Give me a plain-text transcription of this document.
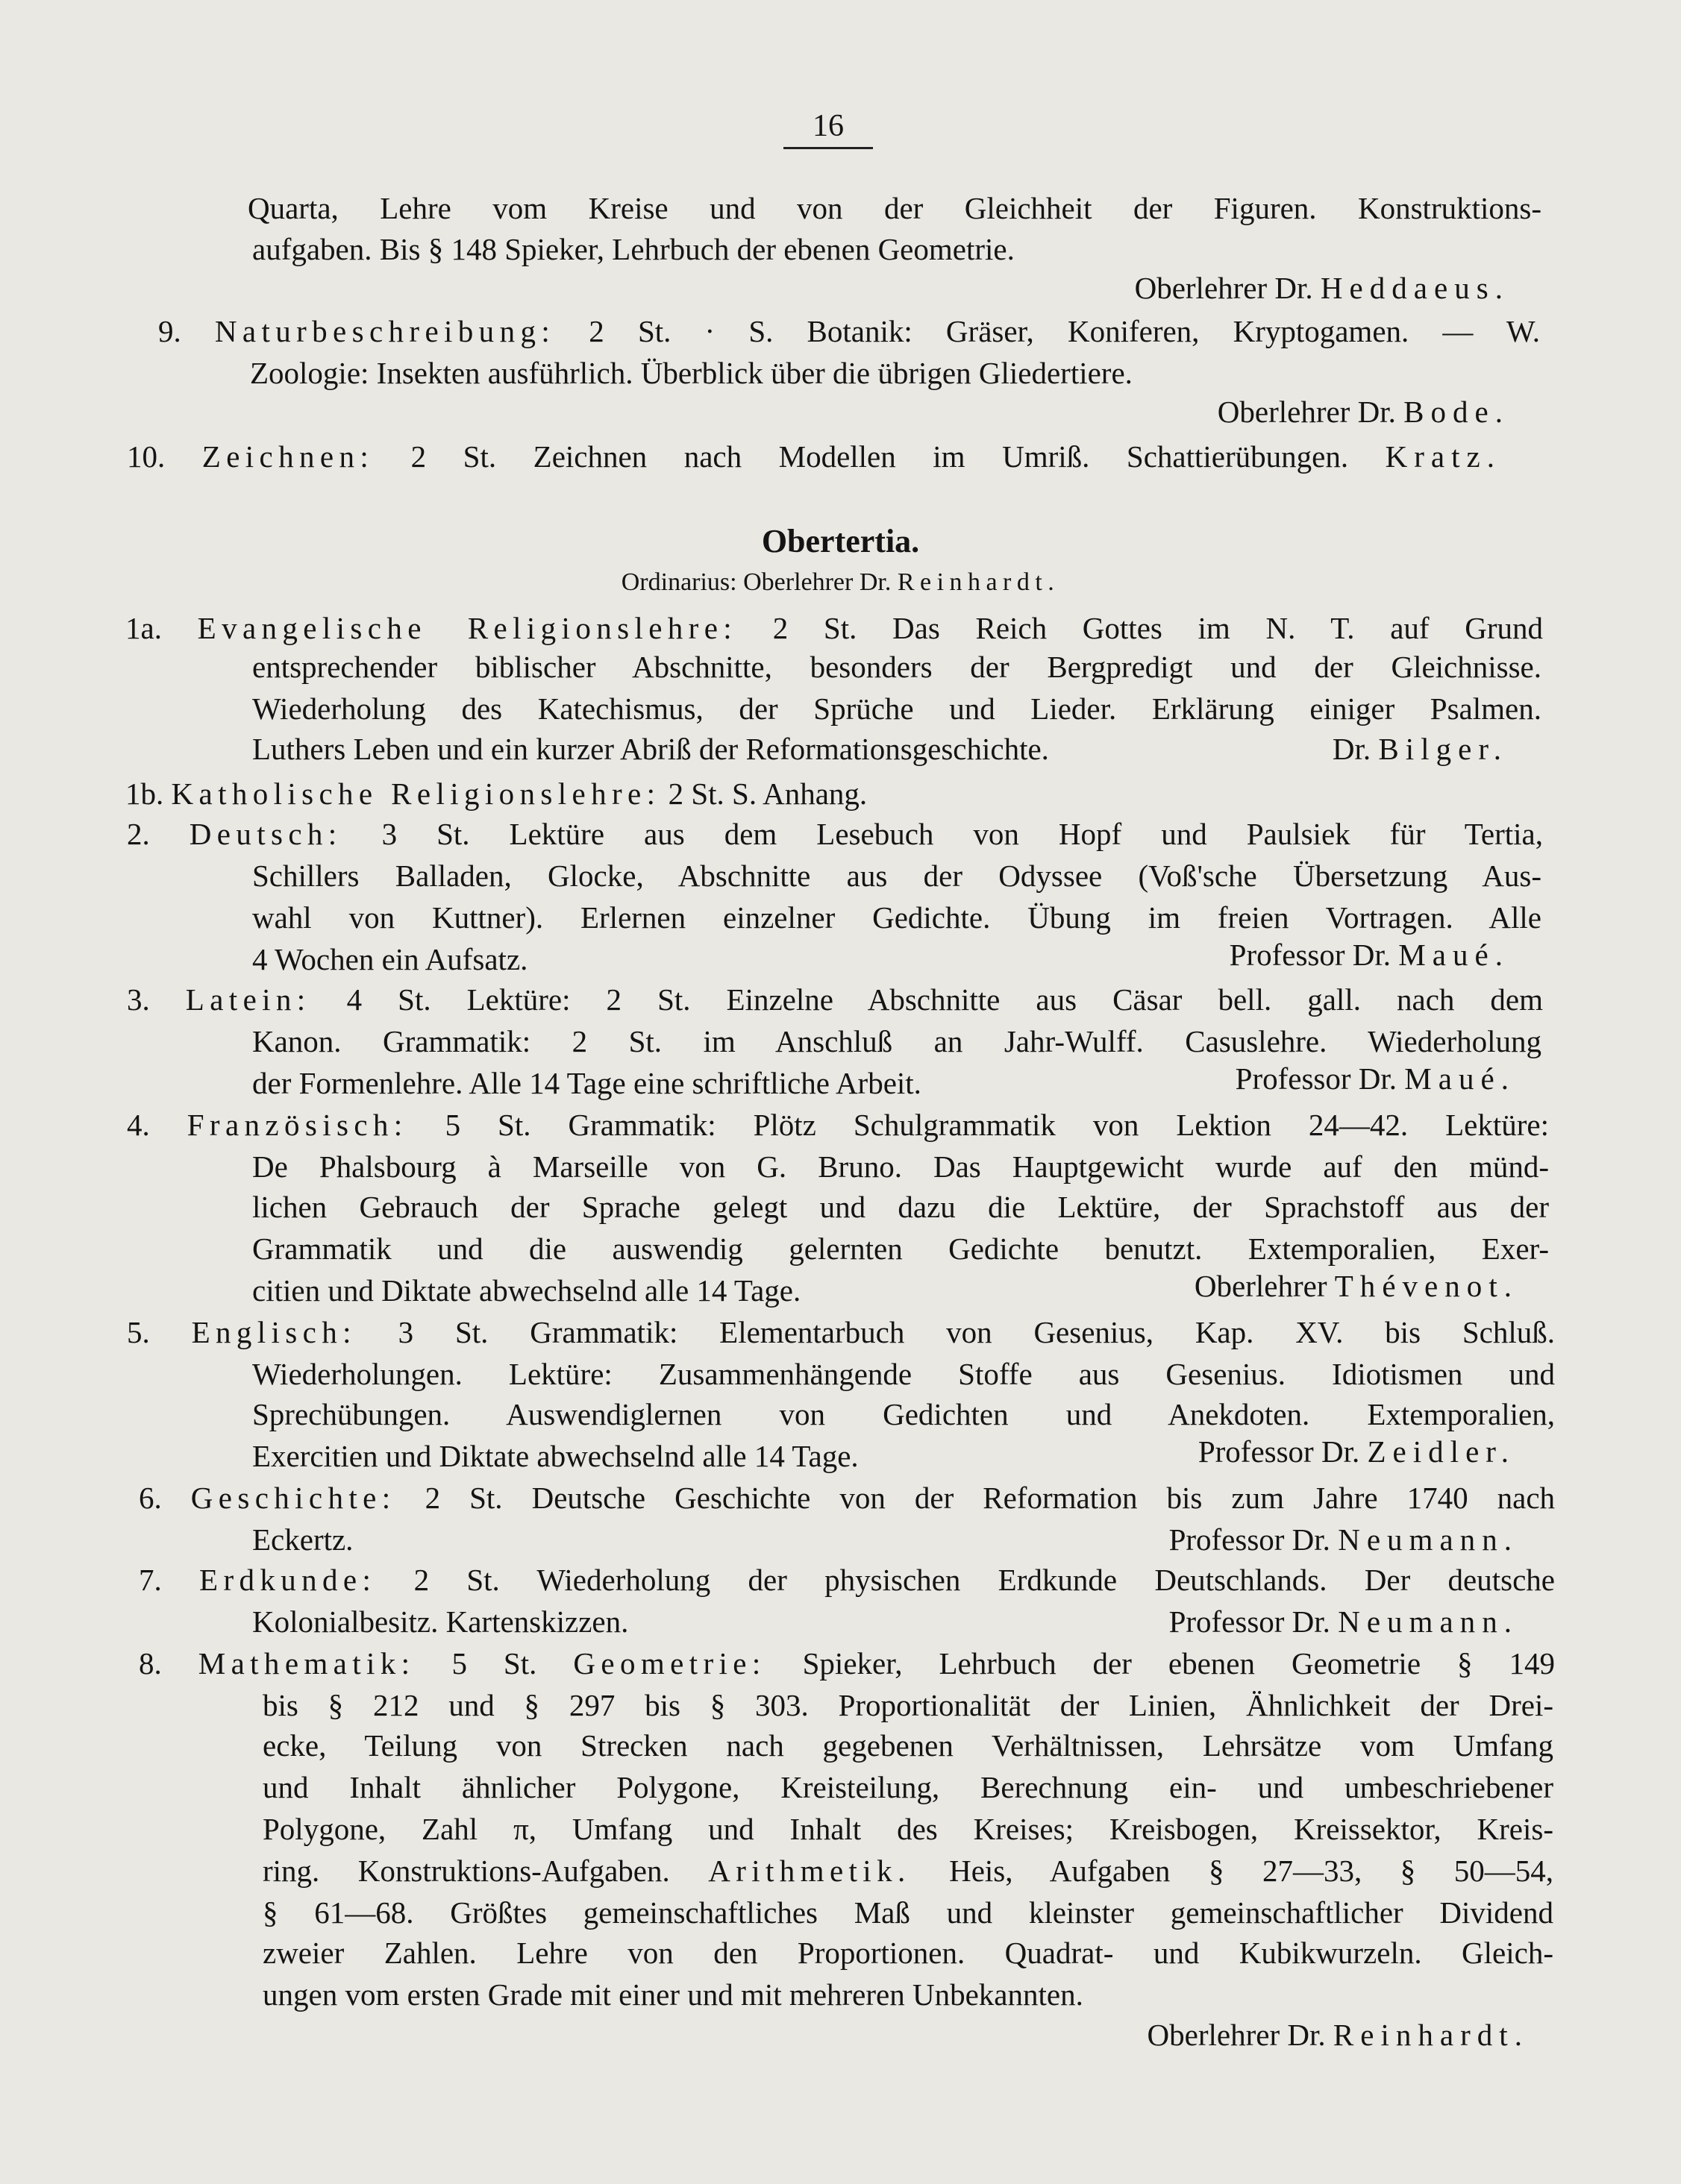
16
Quarta, Lehre vom Kreise und von der Gleichheit der Figuren. Konstruktions-
aufgaben. Bis § 148 Spieker, Lehrbuch der ebenen Geometrie.
Oberlehrer Dr. Heddaeus.
9. Naturbeschreibung: 2 St. · S. Botanik: Gräser, Koniferen, Kryptogamen. — W.
Zoologie: Insekten ausführlich. Überblick über die übrigen Gliedertiere.
Oberlehrer Dr. Bode.
10. Zeichnen: 2 St. Zeichnen nach Modellen im Umriß. Schattierübungen. Kratz.
Obertertia.
Ordinarius: Oberlehrer Dr. Reinhardt.
1a. Evangelische Religionslehre: 2 St. Das Reich Gottes im N. T. auf Grund
entsprechender biblischer Abschnitte, besonders der Bergpredigt und der Gleichnisse.
Wiederholung des Katechismus, der Sprüche und Lieder. Erklärung einiger Psalmen.
Luthers Leben und ein kurzer Abriß der Reformationsgeschichte.	Dr. Bilger.
1b. Katholische Religionslehre: 2 St. S. Anhang.
2. Deutsch: 3 St. Lektüre aus dem Lesebuch von Hopf und Paulsiek für Tertia,
Schillers Balladen, Glocke, Abschnitte aus der Odyssee (Voß'sche Übersetzung Aus-
wahl von Kuttner). Erlernen einzelner Gedichte. Übung im freien Vortragen. Alle
4 Wochen ein Aufsatz.	Professor Dr. Maué.
3. Latein: 4 St. Lektüre: 2 St. Einzelne Abschnitte aus Cäsar bell. gall. nach dem
Kanon. Grammatik: 2 St. im Anschluß an Jahr-Wulff. Casuslehre. Wiederholung
der Formenlehre. Alle 14 Tage eine schriftliche Arbeit.	Professor Dr. Maué.
4. Französisch: 5 St. Grammatik: Plötz Schulgrammatik von Lektion 24—42. Lektüre:
De Phalsbourg à Marseille von G. Bruno. Das Hauptgewicht wurde auf den münd-
lichen Gebrauch der Sprache gelegt und dazu die Lektüre, der Sprachstoff aus der
Grammatik und die auswendig gelernten Gedichte benutzt. Extemporalien, Exer-
citien und Diktate abwechselnd alle 14 Tage.	Oberlehrer Thévenot.
5. Englisch: 3 St. Grammatik: Elementarbuch von Gesenius, Kap. XV. bis Schluß.
Wiederholungen. Lektüre: Zusammenhängende Stoffe aus Gesenius. Idiotismen und
Sprechübungen. Auswendiglernen von Gedichten und Anekdoten. Extemporalien,
Exercitien und Diktate abwechselnd alle 14 Tage.	Professor Dr. Zeidler.
6. Geschichte: 2 St. Deutsche Geschichte von der Reformation bis zum Jahre 1740 nach
Eckertz.	Professor Dr. Neumann.
7. Erdkunde: 2 St. Wiederholung der physischen Erdkunde Deutschlands. Der deutsche
Kolonialbesitz. Kartenskizzen.	Professor Dr. Neumann.
8. Mathematik: 5 St. Geometrie: Spieker, Lehrbuch der ebenen Geometrie § 149
bis § 212 und § 297 bis § 303. Proportionalität der Linien, Ähnlichkeit der Drei-
ecke, Teilung von Strecken nach gegebenen Verhältnissen, Lehrsätze vom Umfang
und Inhalt ähnlicher Polygone, Kreisteilung, Berechnung ein- und umbeschriebener
Polygone, Zahl π, Umfang und Inhalt des Kreises; Kreisbogen, Kreissektor, Kreis-
ring. Konstruktions-Aufgaben. Arithmetik. Heis, Aufgaben § 27—33, § 50—54,
§ 61—68. Größtes gemeinschaftliches Maß und kleinster gemeinschaftlicher Dividend
zweier Zahlen. Lehre von den Proportionen. Quadrat- und Kubikwurzeln. Gleich-
ungen vom ersten Grade mit einer und mit mehreren Unbekannten.
Oberlehrer Dr. Reinhardt.
